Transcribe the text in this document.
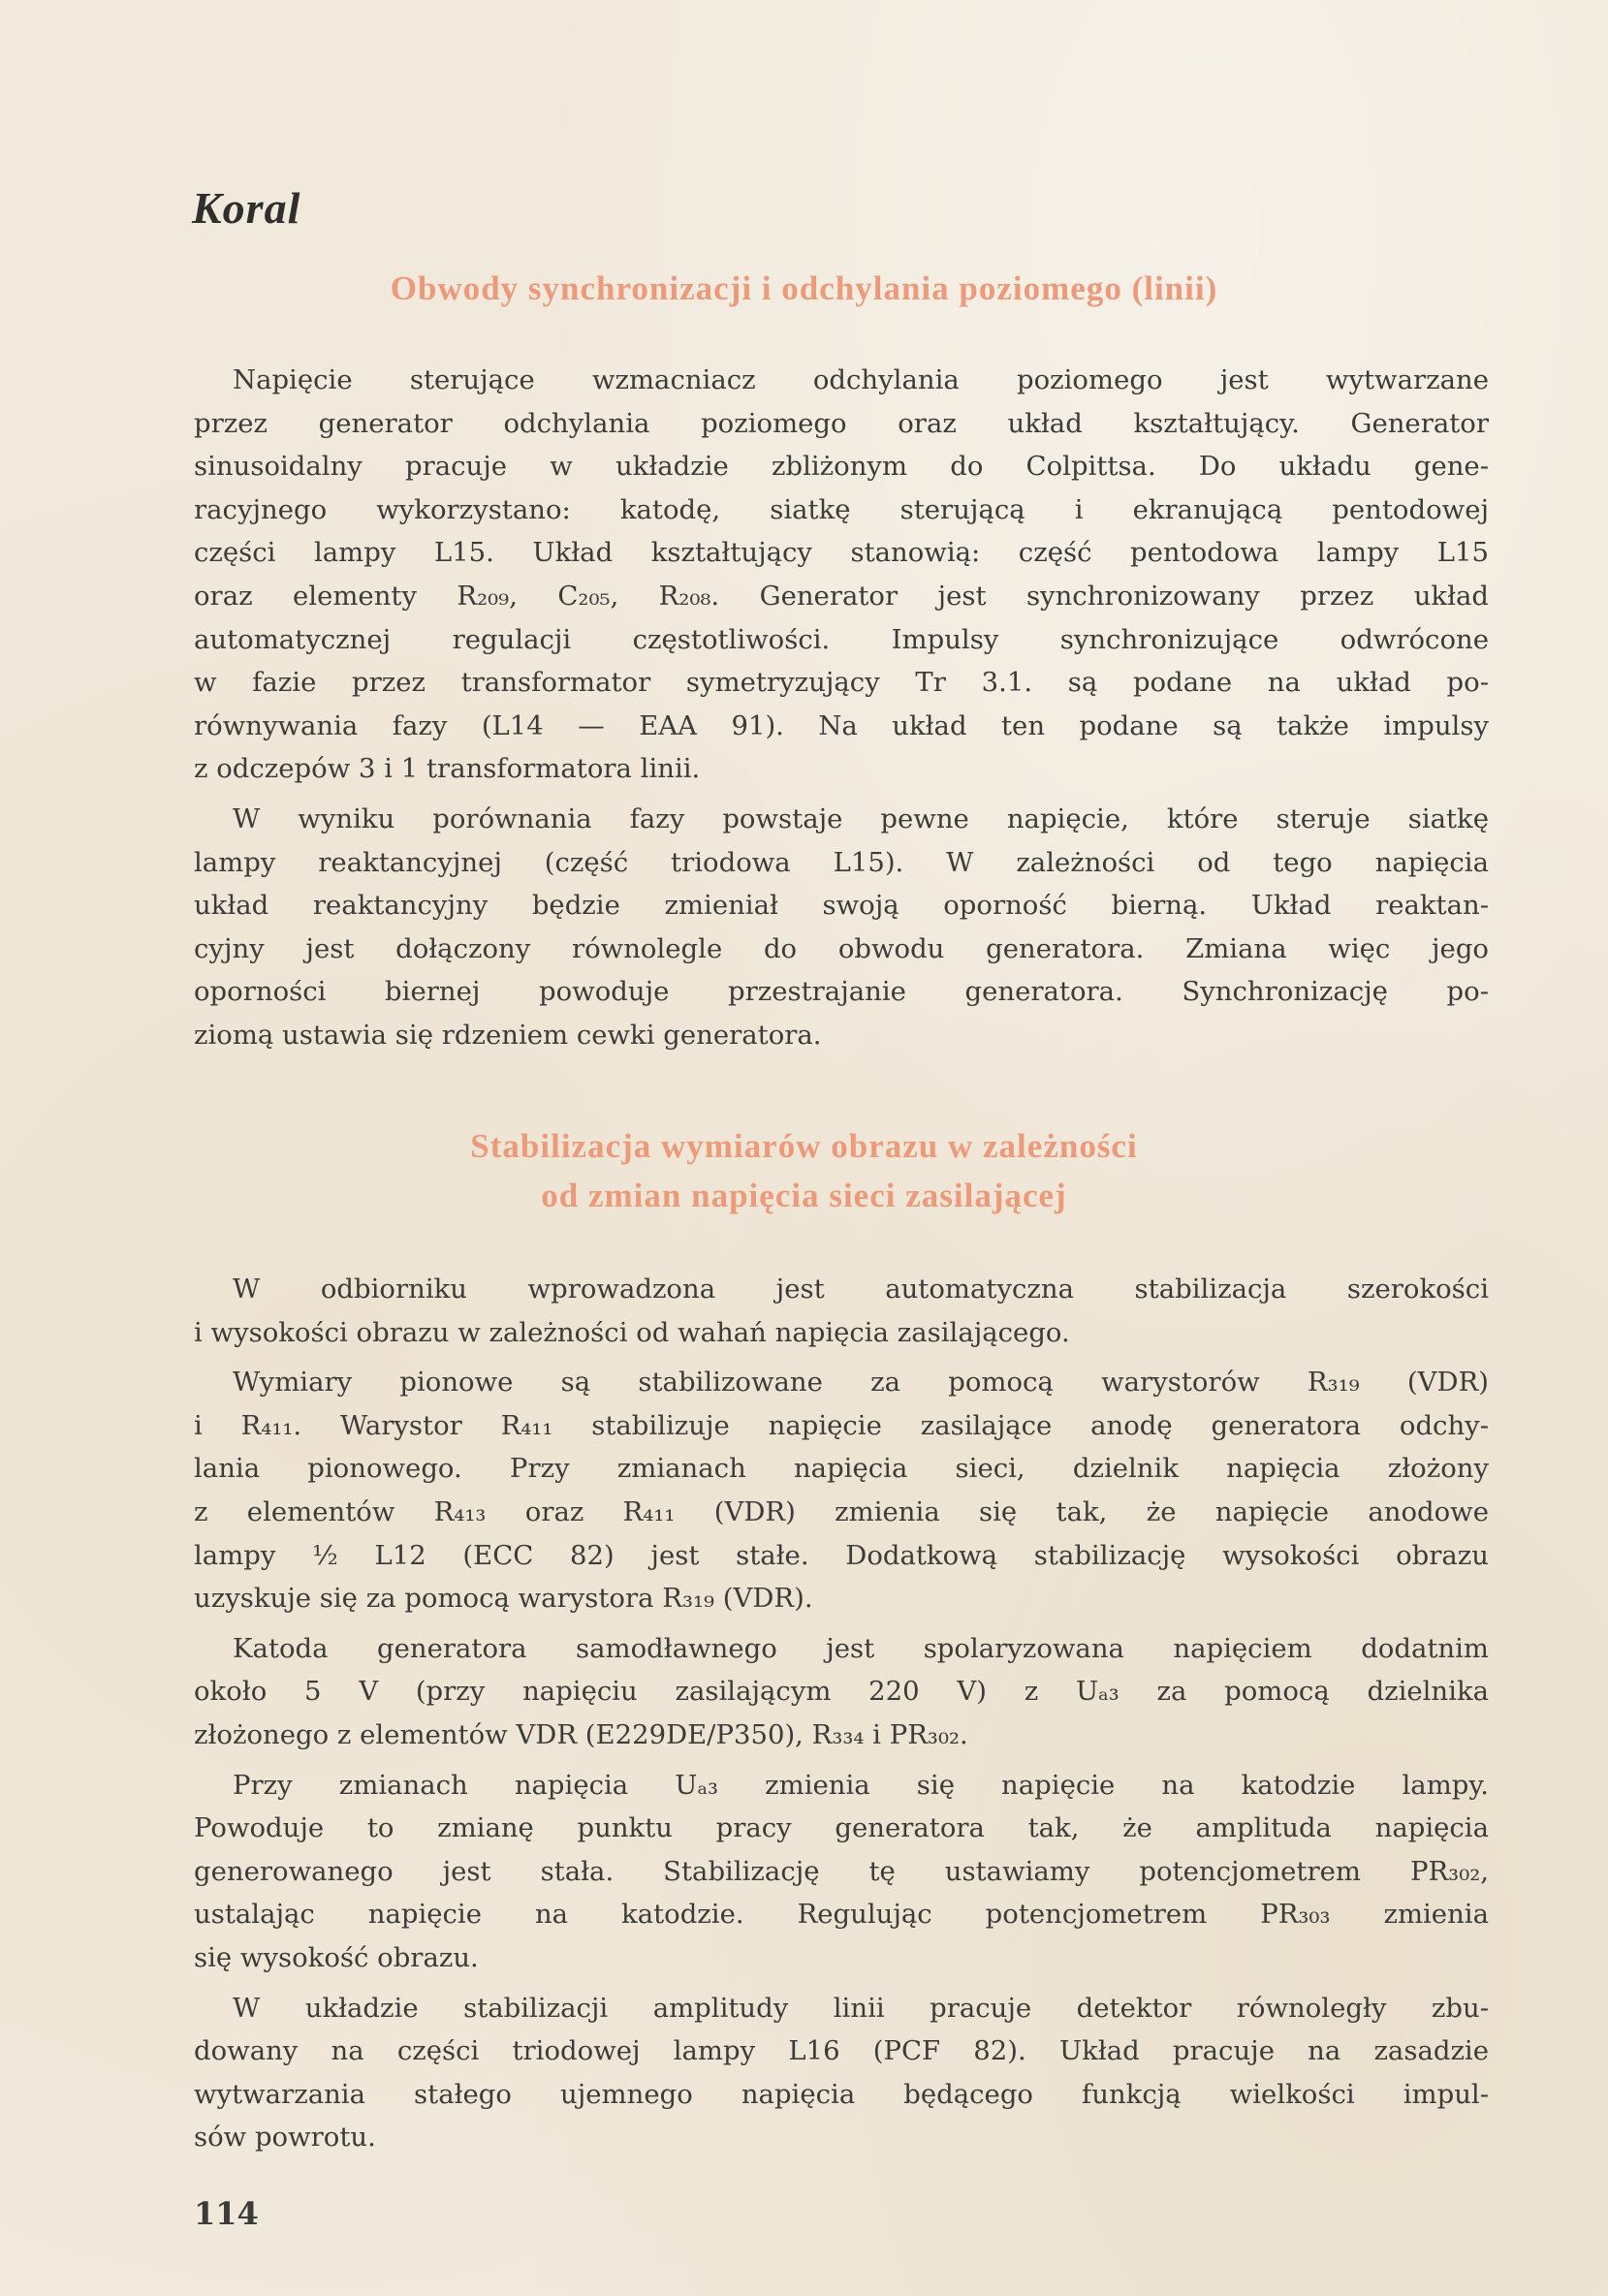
Koral
Obwody synchronizacji i odchylania poziomego (linii)
Napięcie sterujące wzmacniacz odchylania poziomego jest wytwarzane
przez generator odchylania poziomego oraz układ kształtujący. Generator
sinusoidalny pracuje w układzie zbliżonym do Colpittsa. Do układu gene-
racyjnego wykorzystano: katodę, siatkę sterującą i ekranującą pentodowej
części lampy L15. Układ kształtujący stanowią: część pentodowa lampy L15
oraz elementy R₂₀₉, C₂₀₅, R₂₀₈. Generator jest synchronizowany przez układ
automatycznej regulacji częstotliwości. Impulsy synchronizujące odwrócone
w fazie przez transformator symetryzujący Tr 3.1. są podane na układ po-
równywania fazy (L14 — EAA 91). Na układ ten podane są także impulsy
z odczepów 3 i 1 transformatora linii.
W wyniku porównania fazy powstaje pewne napięcie, które steruje siatkę
lampy reaktancyjnej (część triodowa L15). W zależności od tego napięcia
układ reaktancyjny będzie zmieniał swoją oporność bierną. Układ reaktan-
cyjny jest dołączony równolegle do obwodu generatora. Zmiana więc jego
oporności biernej powoduje przestrajanie generatora. Synchronizację po-
ziomą ustawia się rdzeniem cewki generatora.
Stabilizacja wymiarów obrazu w zależności
od zmian napięcia sieci zasilającej
W odbiorniku wprowadzona jest automatyczna stabilizacja szerokości
i wysokości obrazu w zależności od wahań napięcia zasilającego.
Wymiary pionowe są stabilizowane za pomocą warystorów R₃₁₉ (VDR)
i R₄₁₁. Warystor R₄₁₁ stabilizuje napięcie zasilające anodę generatora odchy-
lania pionowego. Przy zmianach napięcia sieci, dzielnik napięcia złożony
z elementów R₄₁₃ oraz R₄₁₁ (VDR) zmienia się tak, że napięcie anodowe
lampy ½ L12 (ECC 82) jest stałe. Dodatkową stabilizację wysokości obrazu
uzyskuje się za pomocą warystora R₃₁₉ (VDR).
Katoda generatora samodławnego jest spolaryzowana napięciem dodatnim
około 5 V (przy napięciu zasilającym 220 V) z Uₐ₃ za pomocą dzielnika
złożonego z elementów VDR (E229DE/P350), R₃₃₄ i PR₃₀₂.
Przy zmianach napięcia Uₐ₃ zmienia się napięcie na katodzie lampy.
Powoduje to zmianę punktu pracy generatora tak, że amplituda napięcia
generowanego jest stała. Stabilizację tę ustawiamy potencjometrem PR₃₀₂,
ustalając napięcie na katodzie. Regulując potencjometrem PR₃₀₃ zmienia
się wysokość obrazu.
W układzie stabilizacji amplitudy linii pracuje detektor równoległy zbu-
dowany na części triodowej lampy L16 (PCF 82). Układ pracuje na zasadzie
wytwarzania stałego ujemnego napięcia będącego funkcją wielkości impul-
sów powrotu.
114
